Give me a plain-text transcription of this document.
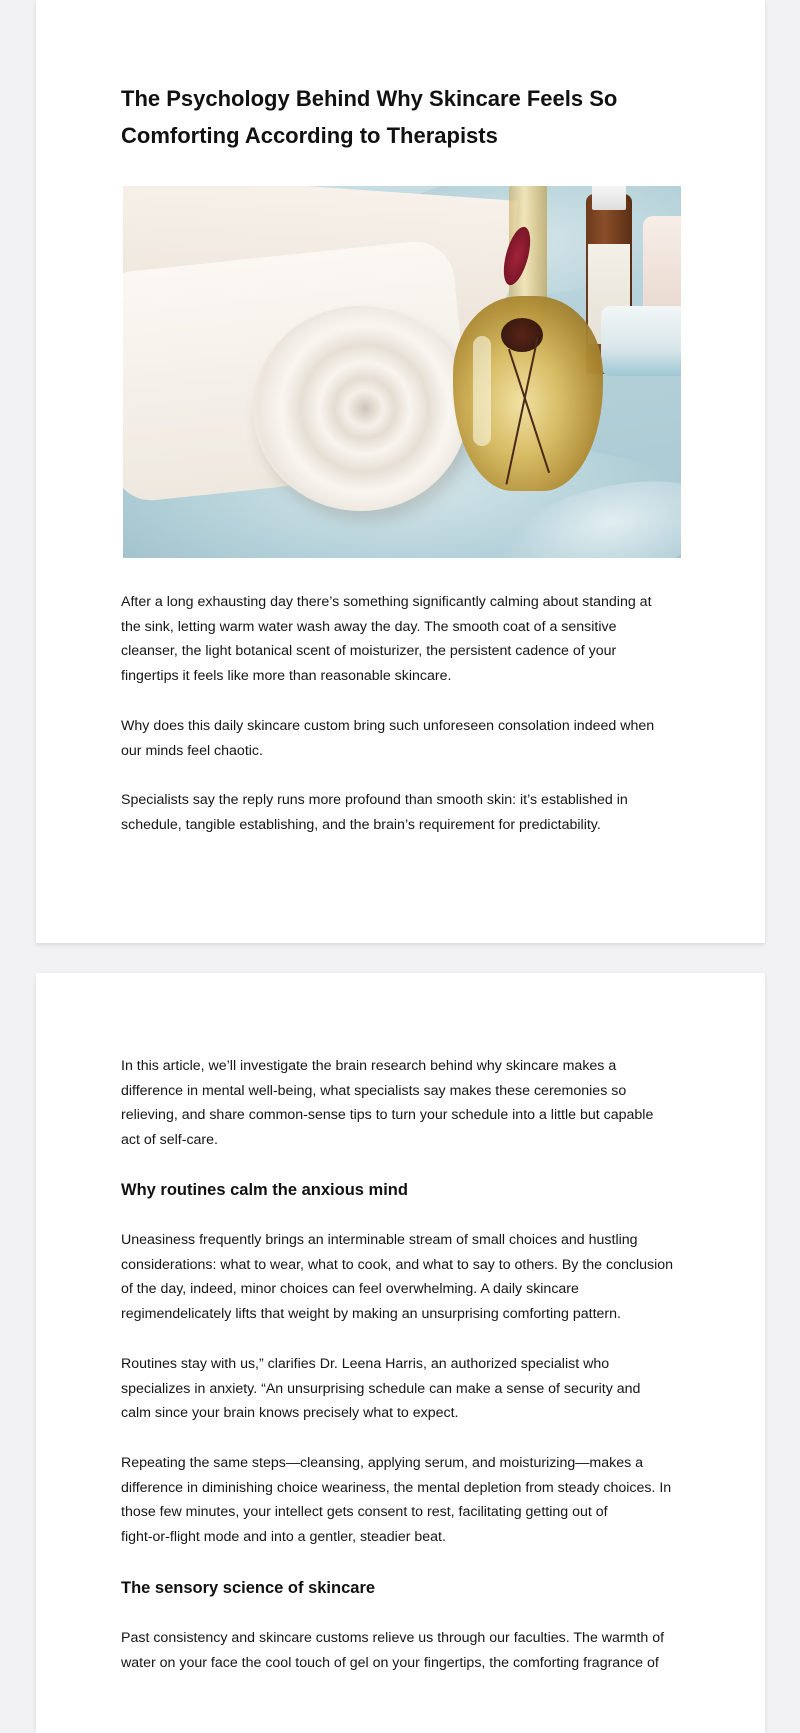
The Psychology Behind Why Skincare Feels So
Comforting According to Therapists

After a long exhausting day there’s something significantly calming about standing at

the sink, letting warm water wash away the day. The smooth coat of a sensitive

cleanser, the light botanical scent of moisturizer, the persistent cadence of your

fingertips it feels like more than reasonable skincare.

Why does this daily skincare custom bring such unforeseen consolation indeed when

our minds feel chaotic.

Specialists say the reply runs more profound than smooth skin: it’s established in

schedule, tangible establishing, and the brain’s requirement for predictability.

In this article, we’ll investigate the brain research behind why skincare makes a

difference in mental well-being, what specialists say makes these ceremonies so

relieving, and share common-sense tips to turn your schedule into a little but capable

act of self-care.

Why routines calm the anxious mind

Uneasiness frequently brings an interminable stream of small choices and hustling

considerations: what to wear, what to cook, and what to say to others. By the conclusion

of the day, indeed, minor choices can feel overwhelming. A daily skincare

regimendelicately lifts that weight by making an unsurprising comforting pattern.

Routines stay with us,” clarifies Dr. Leena Harris, an authorized specialist who

specializes in anxiety. “An unsurprising schedule can make a sense of security and

calm since your brain knows precisely what to expect.

Repeating the same steps—cleansing, applying serum, and moisturizing—makes a

difference in diminishing choice weariness, the mental depletion from steady choices. In

those few minutes, your intellect gets consent to rest, facilitating getting out of

fight-or-flight mode and into a gentler, steadier beat.

The sensory science of skincare

Past consistency and skincare customs relieve us through our faculties. The warmth of

water on your face the cool touch of gel on your fingertips, the comforting fragrance of
